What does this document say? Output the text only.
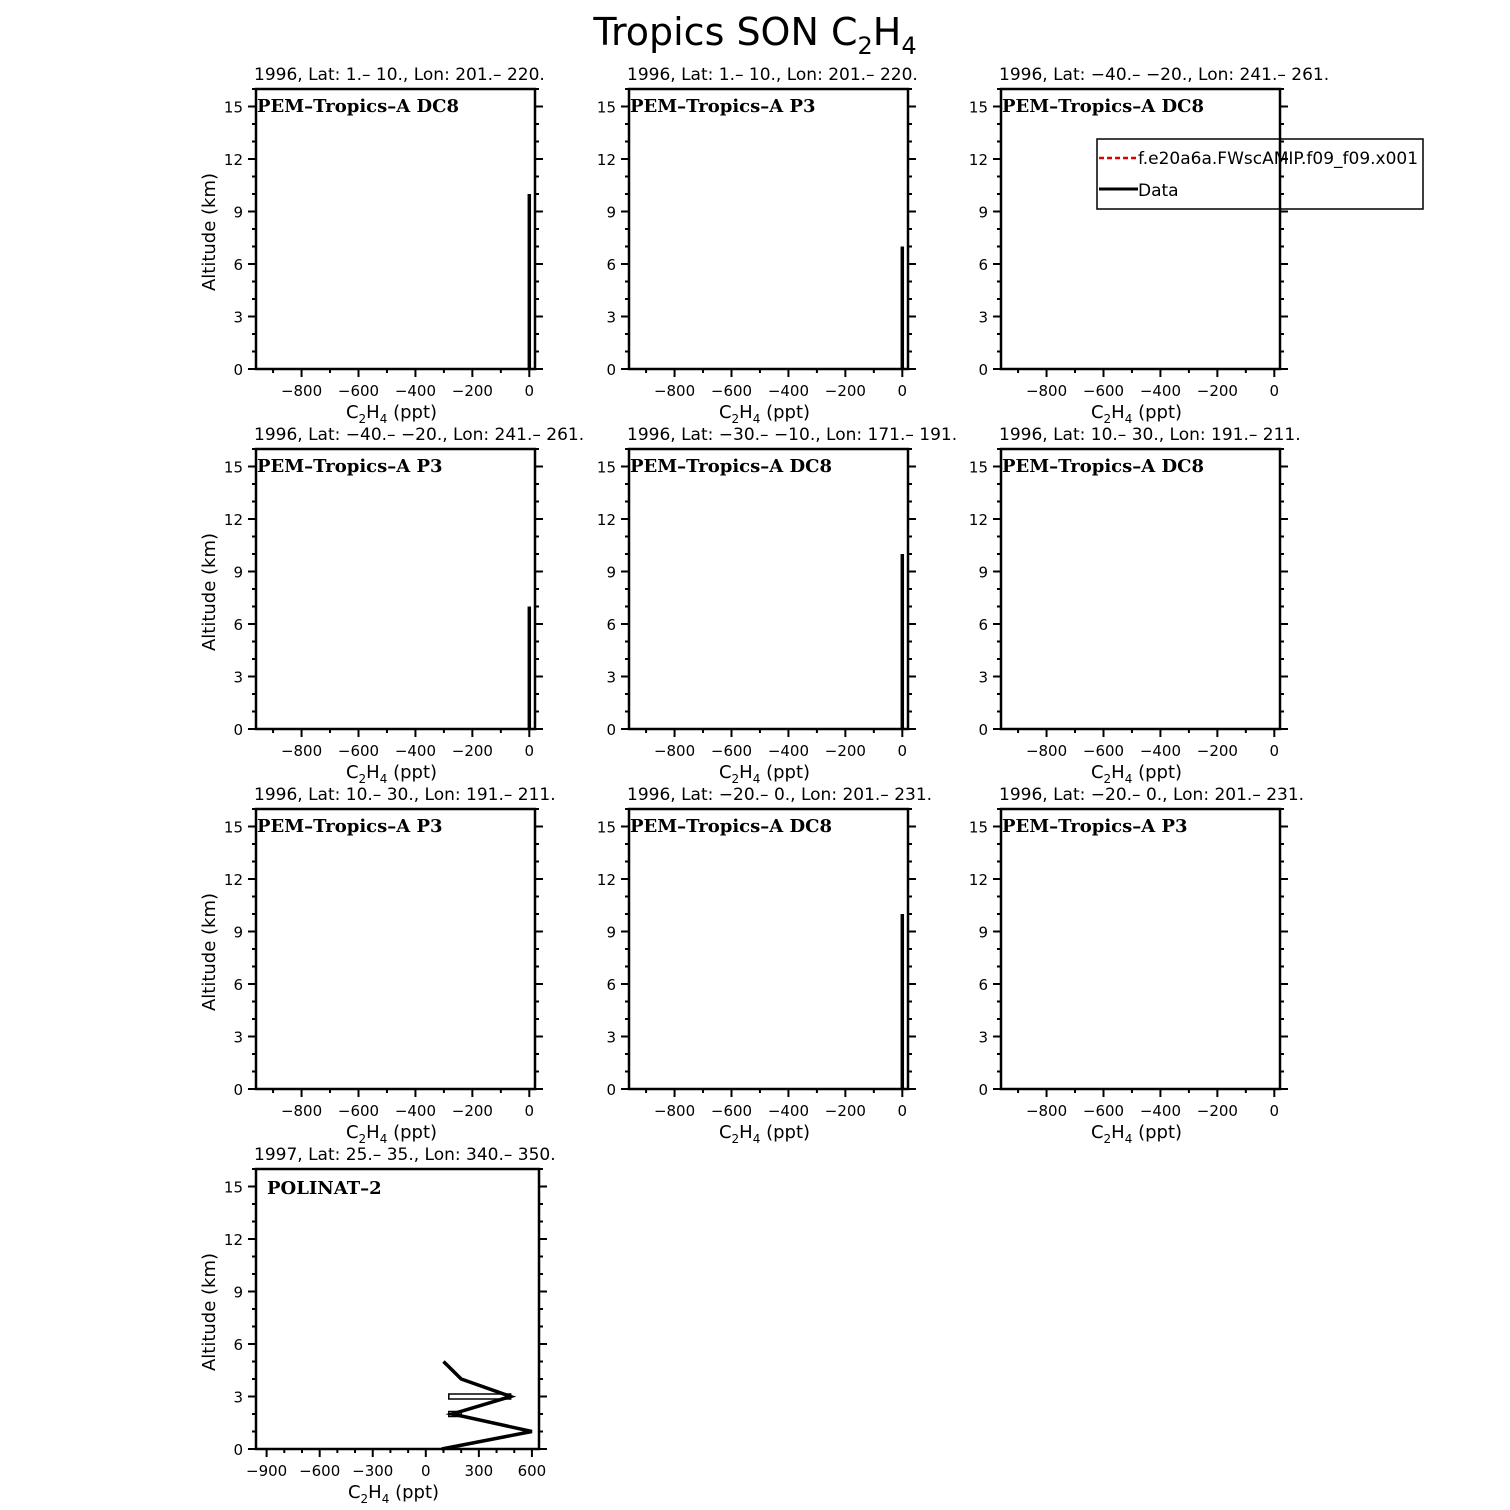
Tropics SON $C_2H_4$
1996, Lat: 1.– 10., Lon: 201.– 220.
0
3
6
9
12
15
−800 −600 −400 −200 0
$C_2H_4$ (ppt)
Altitude (km)
PEM–Tropics–A DC8
1996, Lat: 1.– 10., Lon: 201.– 220.
0
3
6
9
12
15
−800 −600 −400 −200 0
$C_2H_4$ (ppt)
PEM–Tropics–A P3
1996, Lat: −40.– −20., Lon: 241.– 261.
0
3
6
9
12
15
−800 −600 −400 −200 0
$C_2H_4$ (ppt)
PEM–Tropics–A DC8
f.e20a6a.FWscAMIP.f09_f09.x001
Data
1996, Lat: −40.– −20., Lon: 241.– 261.
0
3
6
9
12
15
−800 −600 −400 −200 0
$C_2H_4$ (ppt)
Altitude (km)
PEM–Tropics–A P3
1996, Lat: −30.– −10., Lon: 171.– 191.
0
3
6
9
12
15
−800 −600 −400 −200 0
$C_2H_4$ (ppt)
PEM–Tropics–A DC8
1996, Lat: 10.– 30., Lon: 191.– 211.
0
3
6
9
12
15
−800 −600 −400 −200 0
$C_2H_4$ (ppt)
PEM–Tropics–A DC8
1996, Lat: 10.– 30., Lon: 191.– 211.
0
3
6
9
12
15
−800 −600 −400 −200 0
$C_2H_4$ (ppt)
Altitude (km)
PEM–Tropics–A P3
1996, Lat: −20.– 0., Lon: 201.– 231.
0
3
6
9
12
15
−800 −600 −400 −200 0
$C_2H_4$ (ppt)
PEM–Tropics–A DC8
1996, Lat: −20.– 0., Lon: 201.– 231.
0
3
6
9
12
15
−800 −600 −400 −200 0
$C_2H_4$ (ppt)
PEM–Tropics–A P3
1997, Lat: 25.– 35., Lon: 340.– 350.
0
3
6
9
12
15
−900 −600 −300 0 300 600
$C_2H_4$ (ppt)
Altitude (km)
POLINAT–2
